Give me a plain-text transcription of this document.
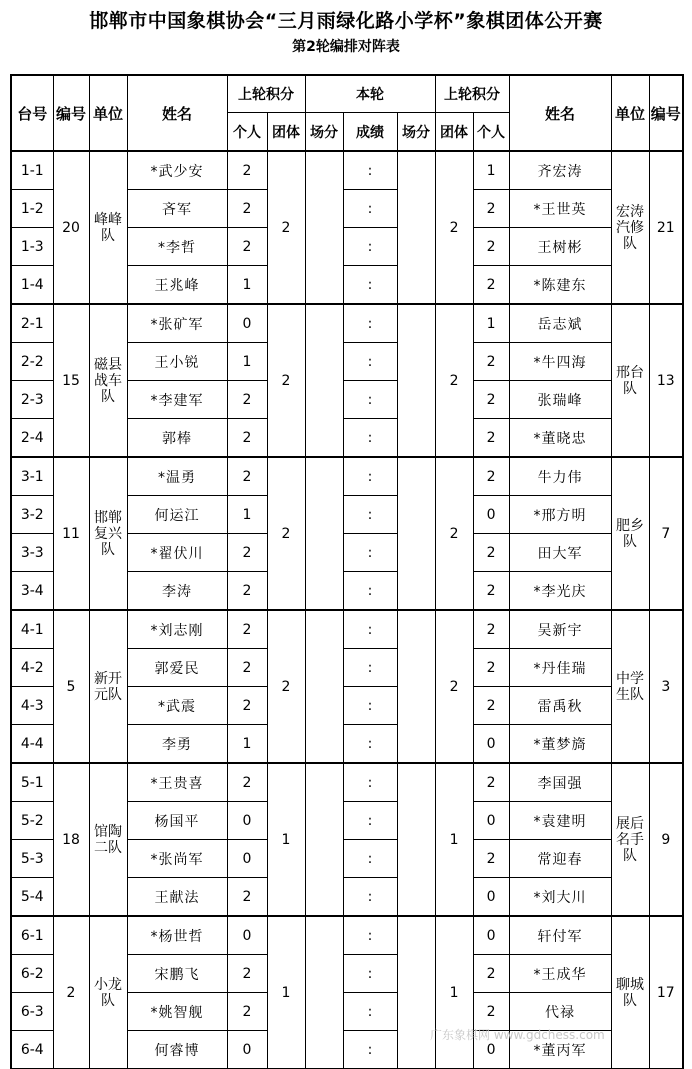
邯郸市中国象棋协会“三月雨绿化路小学杯”象棋团体公开赛
第2轮编排对阵表
台号	编号	单位	姓名	上轮积分		本轮			上轮积分		姓名	单位	编号
				个人	团体	场分	成绩	场分	团体	个人			
1-1	20	峰峰队	*武少安	2	2		:		2	1	齐宏涛	宏涛汽修队	21
1-2			吝军	2			:			2	*王世英		
1-3			*李哲	2			:			2	王树彬		
1-4			王兆峰	1			:			2	*陈建东		
2-1	15	磁县战车队	*张矿军	0	2		:		2	1	岳志斌	邢台队	13
2-2			王小锐	1			:			2	*牛四海		
2-3			*李建军	2			:			2	张瑞峰		
2-4			郭棒	2			:			2	*董晓忠		
3-1	11	邯郸复兴队	*温勇	2	2		:		2	2	牛力伟	肥乡队	7
3-2			何运江	1			:			0	*邢方明		
3-3			*翟伏川	2			:			2	田大军		
3-4			李涛	2			:			2	*李光庆		
4-1	5	新开元队	*刘志刚	2	2		:		2	2	吴新宇	中学生队	3
4-2			郭爱民	2			:			2	*丹佳瑞		
4-3			*武震	2			:			2	雷禹秋		
4-4			李勇	1			:			0	*董梦旖		
5-1	18	馆陶二队	*王贵喜	2	1		:		1	2	李国强	展后名手队	9
5-2			杨国平	0			:			0	*袁建明		
5-3			*张尚军	0			:			2	常迎春		
5-4			王献法	2			:			0	*刘大川		
6-1	2	小龙队	*杨世哲	0	1		:		1	0	轩付军	聊城队	17
6-2			宋鹏飞	2			:			2	*王成华		
6-3			*姚智舰	2			:			2	代禄		
6-4			何睿博	0			:			0	*董丙军		
广东象棋网 www.gdchess.com
